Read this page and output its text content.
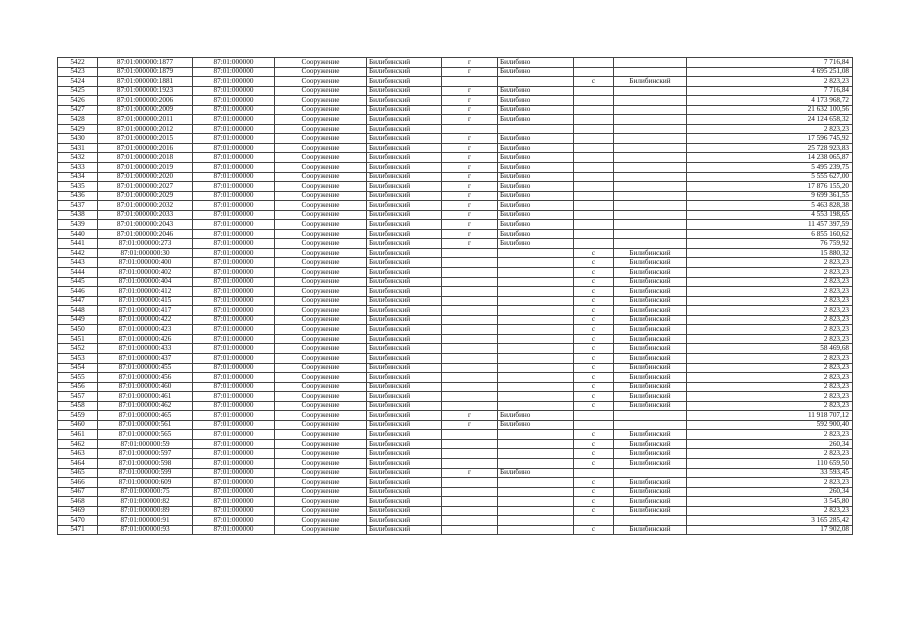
5422	87:01:000000:1877	87:01:000000	Сооружение	Билибинский	г	Билибино			7 716,84
5423	87:01:000000:1879	87:01:000000	Сооружение	Билибинский	г	Билибино			4 695 251,08
5424	87:01:000000:1881	87:01:000000	Сооружение	Билибинский			с	Билибинский	2 823,23
5425	87:01:000000:1923	87:01:000000	Сооружение	Билибинский	г	Билибино			7 716,84
5426	87:01:000000:2006	87:01:000000	Сооружение	Билибинский	г	Билибино			4 173 968,72
5427	87:01:000000:2009	87:01:000000	Сооружение	Билибинский	г	Билибино			21 632 100,56
5428	87:01:000000:2011	87:01:000000	Сооружение	Билибинский	г	Билибино			24 124 658,32
5429	87:01:000000:2012	87:01:000000	Сооружение	Билибинский					2 823,23
5430	87:01:000000:2015	87:01:000000	Сооружение	Билибинский	г	Билибино			17 596 745,92
5431	87:01:000000:2016	87:01:000000	Сооружение	Билибинский	г	Билибино			25 728 923,83
5432	87:01:000000:2018	87:01:000000	Сооружение	Билибинский	г	Билибино			14 238 065,87
5433	87:01:000000:2019	87:01:000000	Сооружение	Билибинский	г	Билибино			5 495 239,75
5434	87:01:000000:2020	87:01:000000	Сооружение	Билибинский	г	Билибино			5 555 627,00
5435	87:01:000000:2027	87:01:000000	Сооружение	Билибинский	г	Билибино			17 876 155,20
5436	87:01:000000:2029	87:01:000000	Сооружение	Билибинский	г	Билибино			9 699 361,55
5437	87:01:000000:2032	87:01:000000	Сооружение	Билибинский	г	Билибино			5 463 828,38
5438	87:01:000000:2033	87:01:000000	Сооружение	Билибинский	г	Билибино			4 553 198,65
5439	87:01:000000:2043	87:01:000000	Сооружение	Билибинский	г	Билибино			11 457 397,59
5440	87:01:000000:2046	87:01:000000	Сооружение	Билибинский	г	Билибино			6 855 160,62
5441	87:01:000000:273	87:01:000000	Сооружение	Билибинский	г	Билибино			76 759,92
5442	87:01:000000:30	87:01:000000	Сооружение	Билибинский			с	Билибинский	15 880,32
5443	87:01:000000:400	87:01:000000	Сооружение	Билибинский			с	Билибинский	2 823,23
5444	87:01:000000:402	87:01:000000	Сооружение	Билибинский			с	Билибинский	2 823,23
5445	87:01:000000:404	87:01:000000	Сооружение	Билибинский			с	Билибинский	2 823,23
5446	87:01:000000:412	87:01:000000	Сооружение	Билибинский			с	Билибинский	2 823,23
5447	87:01:000000:415	87:01:000000	Сооружение	Билибинский			с	Билибинский	2 823,23
5448	87:01:000000:417	87:01:000000	Сооружение	Билибинский			с	Билибинский	2 823,23
5449	87:01:000000:422	87:01:000000	Сооружение	Билибинский			с	Билибинский	2 823,23
5450	87:01:000000:423	87:01:000000	Сооружение	Билибинский			с	Билибинский	2 823,23
5451	87:01:000000:426	87:01:000000	Сооружение	Билибинский			с	Билибинский	2 823,23
5452	87:01:000000:433	87:01:000000	Сооружение	Билибинский			с	Билибинский	58 469,68
5453	87:01:000000:437	87:01:000000	Сооружение	Билибинский			с	Билибинский	2 823,23
5454	87:01:000000:455	87:01:000000	Сооружение	Билибинский			с	Билибинский	2 823,23
5455	87:01:000000:456	87:01:000000	Сооружение	Билибинский			с	Билибинский	2 823,23
5456	87:01:000000:460	87:01:000000	Сооружение	Билибинский			с	Билибинский	2 823,23
5457	87:01:000000:461	87:01:000000	Сооружение	Билибинский			с	Билибинский	2 823,23
5458	87:01:000000:462	87:01:000000	Сооружение	Билибинский			с	Билибинский	2 823,23
5459	87:01:000000:465	87:01:000000	Сооружение	Билибинский	г	Билибино			11 918 707,12
5460	87:01:000000:561	87:01:000000	Сооружение	Билибинский	г	Билибино			592 900,40
5461	87:01:000000:565	87:01:000000	Сооружение	Билибинский			с	Билибинский	2 823,23
5462	87:01:000000:59	87:01:000000	Сооружение	Билибинский			с	Билибинский	260,34
5463	87:01:000000:597	87:01:000000	Сооружение	Билибинский			с	Билибинский	2 823,23
5464	87:01:000000:598	87:01:000000	Сооружение	Билибинский			с	Билибинский	110 659,50
5465	87:01:000000:599	87:01:000000	Сооружение	Билибинский	г	Билибино			33 593,45
5466	87:01:000000:609	87:01:000000	Сооружение	Билибинский			с	Билибинский	2 823,23
5467	87:01:000000:75	87:01:000000	Сооружение	Билибинский			с	Билибинский	260,34
5468	87:01:000000:82	87:01:000000	Сооружение	Билибинский			с	Билибинский	3 545,80
5469	87:01:000000:89	87:01:000000	Сооружение	Билибинский			с	Билибинский	2 823,23
5470	87:01:000000:91	87:01:000000	Сооружение	Билибинский					3 165 285,42
5471	87:01:000000:93	87:01:000000	Сооружение	Билибинский			с	Билибинский	17 902,08
